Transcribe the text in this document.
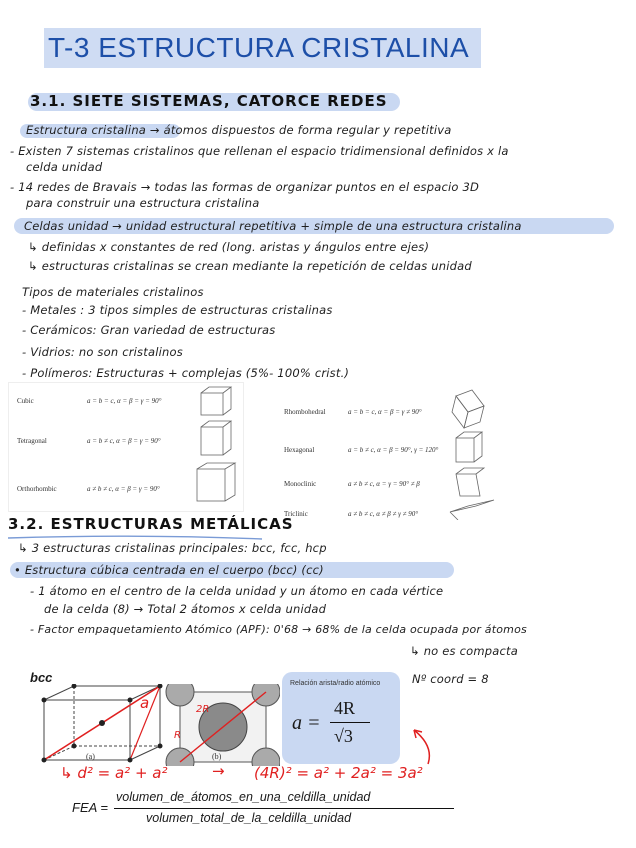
T-3 ESTRUCTURA CRISTALINA
3.1. SIETE SISTEMAS, CATORCE REDES
Estructura cristalina → átomos dispuestos de forma regular y repetitiva
- Existen 7 sistemas cristalinos que rellenan el espacio tridimensional definidos x la
celda unidad
- 14 redes de Bravais → todas las formas de organizar puntos en el espacio 3D
para construir una estructura cristalina
Celdas unidad → unidad estructural repetitiva + simple de una estructura cristalina
↳ definidas x constantes de red (long. aristas y ángulos entre ejes)
↳ estructuras cristalinas se crean mediante la repetición de celdas unidad
Tipos de materiales cristalinos
- Metales : 3 tipos simples de estructuras cristalinas
- Cerámicos: Gran variedad de estructuras
- Vidrios: no son cristalinos
- Polímeros: Estructuras + complejas (5%- 100% crist.)
Cubic	a = b = c, α = β = γ = 90°
Tetragonal	a = b ≠ c, α = β = γ = 90°
Orthorhombic	a ≠ b ≠ c, α = β = γ = 90°
Rhombohedral	a = b = c, α = β = γ ≠ 90°
Hexagonal	a = b ≠ c, α = β = 90°, γ = 120°
Monoclinic	a ≠ b ≠ c, α = γ = 90° ≠ β
Triclinic	a ≠ b ≠ c, α ≠ β ≠ γ ≠ 90°
3.2. ESTRUCTURAS METÁLICAS
↳ 3 estructuras cristalinas principales: bcc, fcc, hcp
• Estructura cúbica centrada en el cuerpo (bcc) (cc)
- 1 átomo en el centro de la celda unidad y un átomo en cada vértice
de la celda (8) → Total 2 átomos x celda unidad
- Factor empaquetamiento Atómico (APF): 0'68 → 68% de la celda ocupada por átomos
↳ no es compacta
Nº coord = 8
bcc
a	2R
R
(a)	(b)
Relación arista/radio atómico
a =
4R
√3
↳ d² = a² + a²	→ (4R)² = a² + 2a² = 3a²
FEA =
volumen_de_átomos_en_una_celdilla_unidad
volumen_total_de_la_celdilla_unidad
